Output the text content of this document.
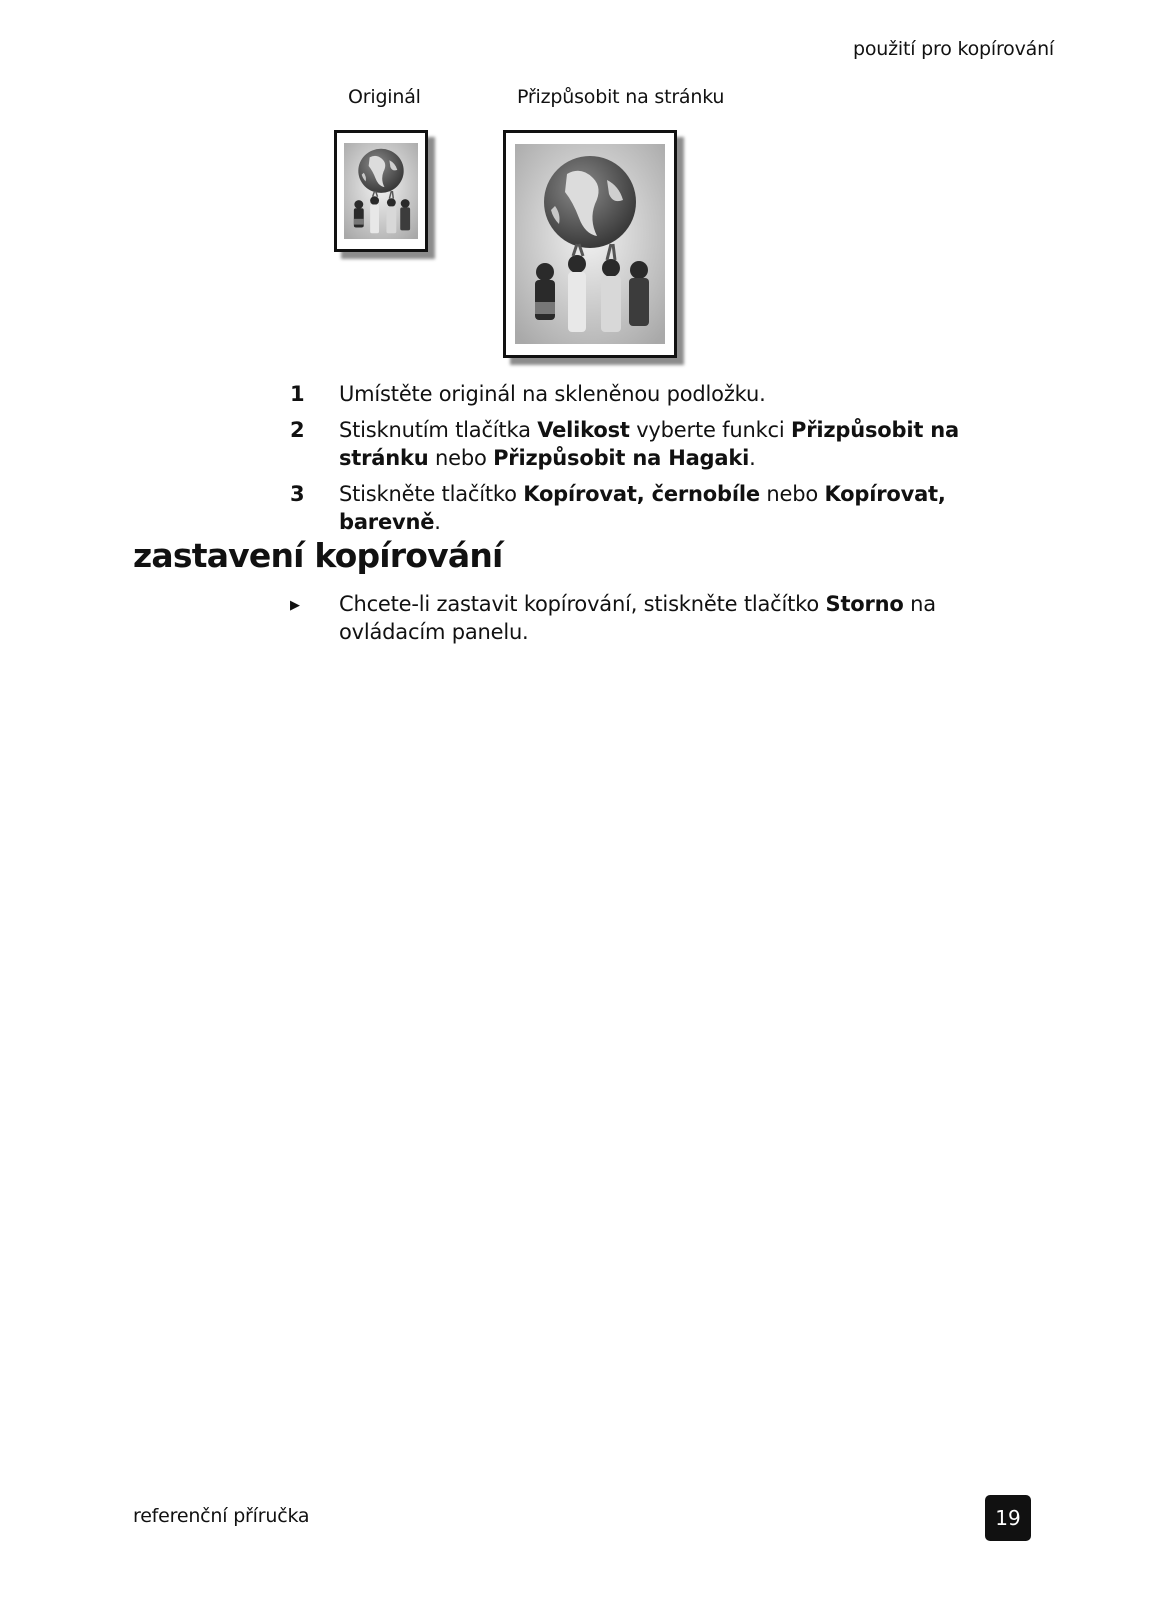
použití pro kopírování
Originál	Přizpůsobit na stránku
1	Umístěte originál na skleněnou podložku.
2	Stisknutím tlačítka Velikost vyberte funkci Přizpůsobit na stránku nebo Přizpůsobit na Hagaki.
3	Stiskněte tlačítko Kopírovat, černobíle nebo Kopírovat, barevně.
zastavení kopírování
▶	Chcete-li zastavit kopírování, stiskněte tlačítko Storno na ovládacím panelu.
referenční příručka	19
